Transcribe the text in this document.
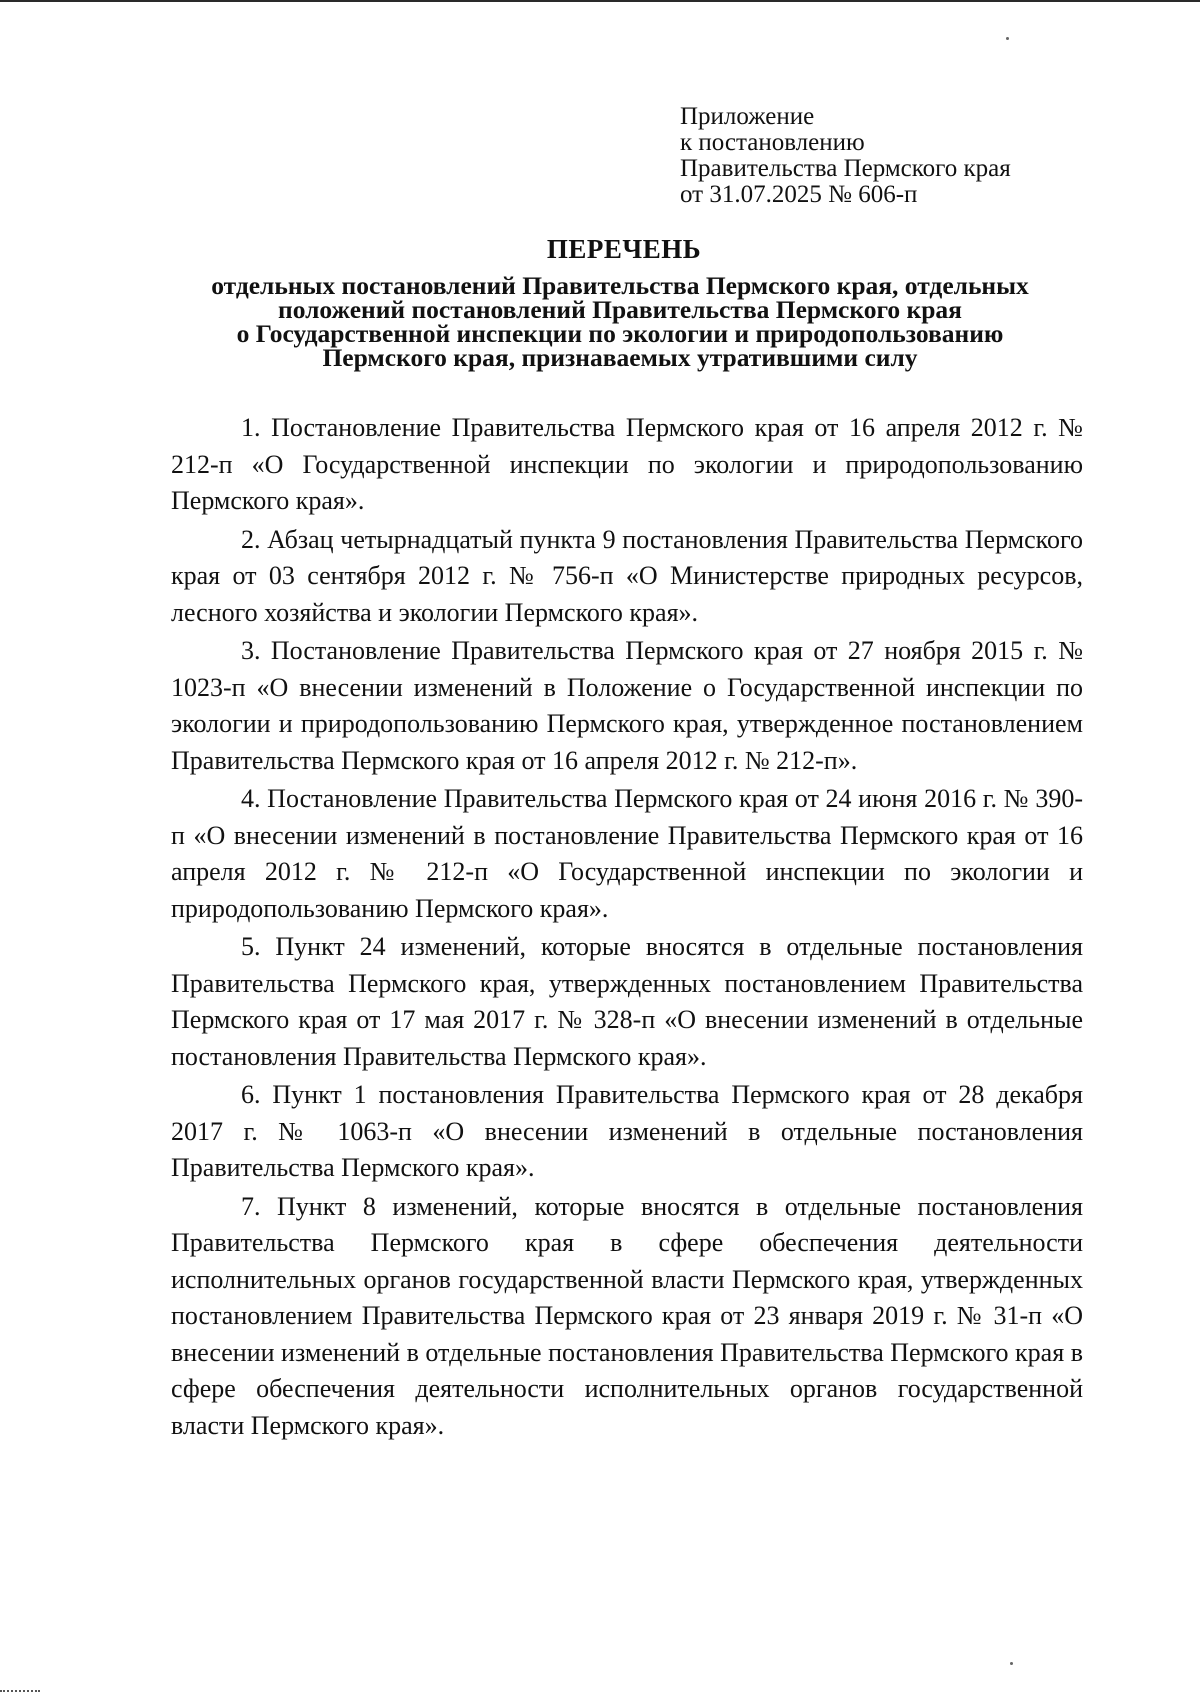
Приложение
к постановлению
Правительства Пермского края
от 31.07.2025 № 606-п
ПЕРЕЧЕНЬ
отдельных постановлений Правительства Пермского края, отдельных
положений постановлений Правительства Пермского края
о Государственной инспекции по экологии и природопользованию
Пермского края, признаваемых утратившими силу

1. Постановление Правительства Пермского края от 16 апреля 2012 г. № 212-п «О Государственной инспекции по экологии и природопользованию Пермского края».

2. Абзац четырнадцатый пункта 9 постановления Правительства Пермского края от 03 сентября 2012 г. № 756-п «О Министерстве природных ресурсов, лесного хозяйства и экологии Пермского края».

3. Постановление Правительства Пермского края от 27 ноября 2015 г. № 1023-п «О внесении изменений в Положение о Государственной инспекции по экологии и природопользованию Пермского края, утвержденное постановлением Правительства Пермского края от 16 апреля 2012 г. № 212-п».

4. Постановление Правительства Пермского края от 24 июня 2016 г. № 390-п «О внесении изменений в постановление Правительства Пермского края от 16 апреля 2012 г. № 212-п «О Государственной инспекции по экологии и природопользованию Пермского края».

5. Пункт 24 изменений, которые вносятся в отдельные постановления Правительства Пермского края, утвержденных постановлением Правительства Пермского края от 17 мая 2017 г. № 328-п «О внесении изменений в отдельные постановления Правительства Пермского края».

6. Пункт 1 постановления Правительства Пермского края от 28 декабря 2017 г. № 1063-п «О внесении изменений в отдельные постановления Правительства Пермского края».

7. Пункт 8 изменений, которые вносятся в отдельные постановления Правительства Пермского края в сфере обеспечения деятельности исполнительных органов государственной власти Пермского края, утвержденных постановлением Правительства Пермского края от 23 января 2019 г. № 31-п «О внесении изменений в отдельные постановления Правительства Пермского края в сфере обеспечения деятельности исполнительных органов государственной власти Пермского края».
